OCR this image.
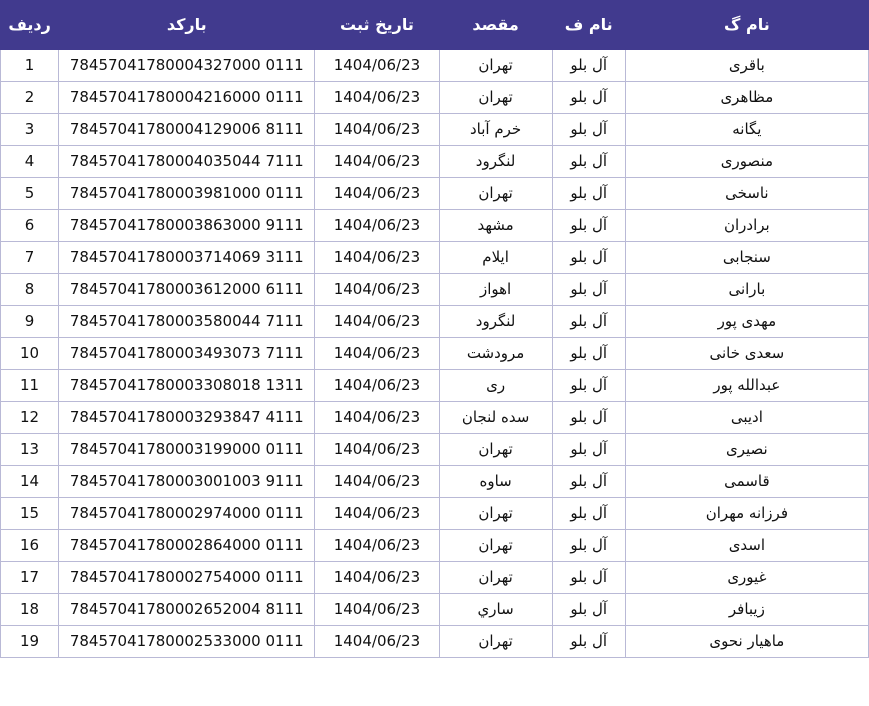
نام گ	نام ف	مقصد	تاریخ ثبت	بارکد	ردیف
باقری	آل بلو	تهران	1404/06/23	78457041780004327000 0111	1
مظاهری	آل بلو	تهران	1404/06/23	78457041780004216000 0111	2
یگانه	آل بلو	خرم آباد	1404/06/23	78457041780004129006 8111	3
منصوری	آل بلو	لنگرود	1404/06/23	78457041780004035044 7111	4
ناسخی	آل بلو	تهران	1404/06/23	78457041780003981000 0111	5
برادران	آل بلو	مشهد	1404/06/23	78457041780003863000 9111	6
سنجابی	آل بلو	ایلام	1404/06/23	78457041780003714069 3111	7
بارانی	آل بلو	اهواز	1404/06/23	78457041780003612000 6111	8
مهدی پور	آل بلو	لنگرود	1404/06/23	78457041780003580044 7111	9
سعدی خانی	آل بلو	مرودشت	1404/06/23	78457041780003493073 7111	10
عبدالله پور	آل بلو	ری	1404/06/23	78457041780003308018 1311	11
ادیبی	آل بلو	سده لنجان	1404/06/23	78457041780003293847 4111	12
نصیری	آل بلو	تهران	1404/06/23	78457041780003199000 0111	13
قاسمی	آل بلو	ساوه	1404/06/23	78457041780003001003 9111	14
فرزانه مهران	آل بلو	تهران	1404/06/23	78457041780002974000 0111	15
اسدی	آل بلو	تهران	1404/06/23	78457041780002864000 0111	16
غیوری	آل بلو	تهران	1404/06/23	78457041780002754000 0111	17
زیبافر	آل بلو	ساري	1404/06/23	78457041780002652004 8111	18
ماهیار نحوی	آل بلو	تهران	1404/06/23	78457041780002533000 0111	19
